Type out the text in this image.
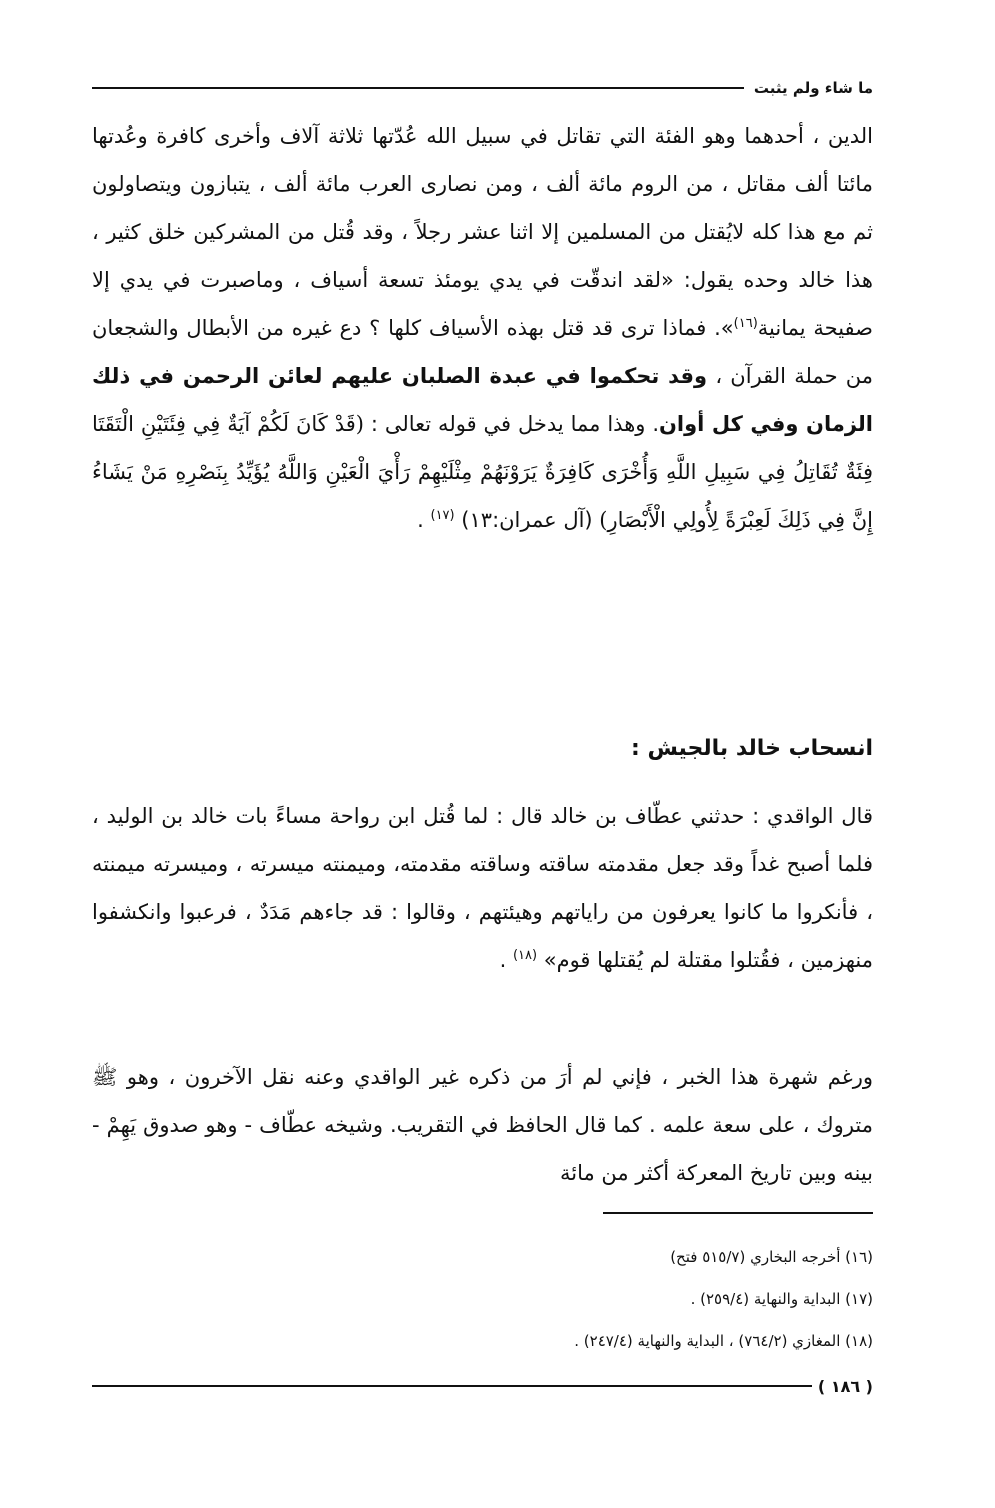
ما شاء ولم يثبت

الدين ، أحدهما وهو الفئة التي تقاتل في سبيل الله عُدّتها ثلاثة آلاف وأخرى كافرة وعُدتها مائتا ألف مقاتل ، من الروم مائة ألف ، ومن نصارى العرب مائة ألف ، يتبازون ويتصاولون ثم مع هذا كله لايُقتل من المسلمين إلا اثنا عشر رجلاً ، وقد قُتل من المشركين خلق كثير ، هذا خالد وحده يقول: «لقد اندقّت في يدي يومئذ تسعة أسياف ، وماصبرت في يدي إلا صفيحة يمانية$^{(١٦)}$». فماذا ترى قد قتل بهذه الأسياف كلها ؟ دع غيره من الأبطال والشجعان من حملة القرآن ، وقد تحكموا في عبدة الصلبان عليهم لعائن الرحمن في ذلك الزمان وفي كل أوان. وهذا مما يدخل في قوله تعالى : (قَدْ كَانَ لَكُمْ آيَةٌ فِي فِئَتَيْنِ الْتَقَتَا فِئَةٌ تُقَاتِلُ فِي سَبِيلِ اللَّهِ وَأُخْرَى كَافِرَةٌ يَرَوْنَهُمْ مِثْلَيْهِمْ رَأْيَ الْعَيْنِ وَاللَّهُ يُؤَيِّدُ بِنَصْرِهِ مَنْ يَشَاءُ إِنَّ فِي ذَلِكَ لَعِبْرَةً لِأُولِي الْأَبْصَارِ) (آل عمران:١٣) $^{(١٧)}$ .

انسحاب خالد بالجيش :

قال الواقدي : حدثني عطّاف بن خالد قال : لما قُتل ابن رواحة مساءً بات خالد بن الوليد ، فلما أصبح غداً وقد جعل مقدمته ساقته وساقته مقدمته، وميمنته ميسرته ، وميسرته ميمنته ، فأنكروا ما كانوا يعرفون من راياتهم وهيئتهم ، وقالوا : قد جاءهم مَدَدٌ ، فرعبوا وانكشفوا منهزمين ، فقُتلوا مقتلة لم يُقتلها قوم» $^{(١٨)}$ .

ورغم شهرة هذا الخبر ، فإني لم أرَ من ذكره غير الواقدي وعنه نقل الآخرون ، وهو ﷺ متروك ، على سعة علمه . كما قال الحافظ في التقريب. وشيخه عطّاف - وهو صدوق يَهِمْ - بينه وبين تاريخ المعركة أكثر من مائة

(١٦) أخرجه البخاري (٥١٥/٧ فتح)
(١٧) البداية والنهاية (٢٥٩/٤) .
(١٨) المغازي (٧٦٤/٢) ، البداية والنهاية (٢٤٧/٤) .
( ١٨٦ )
